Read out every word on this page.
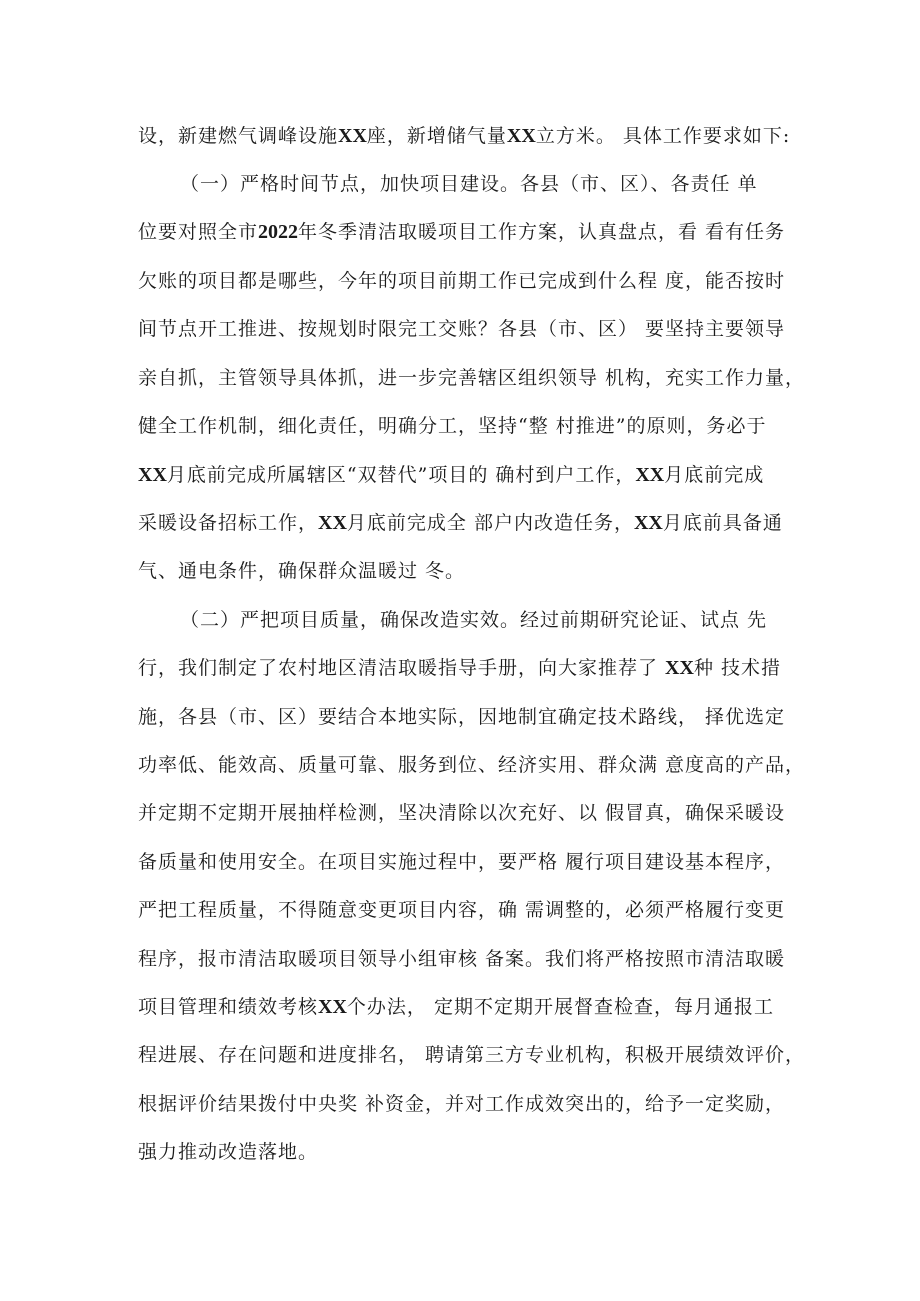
设，新建燃气调峰设施XX座，新增储气量XX立方米。 具体工作要求如下:
（一）严格时间节点，加快项目建设。各县（市、区）、各责任 单
位要对照全市2022年冬季清洁取暖项目工作方案，认真盘点，看 看有任务
欠账的项目都是哪些，今年的项目前期工作已完成到什么程 度，能否按时
间节点开工推进、按规划时限完工交账？各县（市、区） 要坚持主要领导
亲自抓，主管领导具体抓，进一步完善辖区组织领导 机构，充实工作力量，
健全工作机制，细化责任，明确分工，坚持“整 村推进”的原则，务必于
XX月底前完成所属辖区“双替代”项目的 确村到户工作，XX月底前完成
采暖设备招标工作，XX月底前完成全 部户内改造任务，XX月底前具备通
气、通电条件，确保群众温暖过 冬。
（二）严把项目质量，确保改造实效。经过前期研究论证、试点 先
行，我们制定了农村地区清洁取暖指导手册，向大家推荐了 XX种 技术措
施，各县（市、区）要结合本地实际，因地制宜确定技术路线， 择优选定
功率低、能效高、质量可靠、服务到位、经济实用、群众满 意度高的产品，
并定期不定期开展抽样检测，坚决清除以次充好、以 假冒真，确保采暖设
备质量和使用安全。在项目实施过程中，要严格 履行项目建设基本程序，
严把工程质量，不得随意变更项目内容，确 需调整的，必须严格履行变更
程序，报市清洁取暖项目领导小组审核 备案。我们将严格按照市清洁取暖
项目管理和绩效考核XX个办法， 定期不定期开展督查检查，每月通报工
程进展、存在问题和进度排名， 聘请第三方专业机构，积极开展绩效评价，
根据评价结果拨付中央奖 补资金，并对工作成效突出的，给予一定奖励，
强力推动改造落地。
